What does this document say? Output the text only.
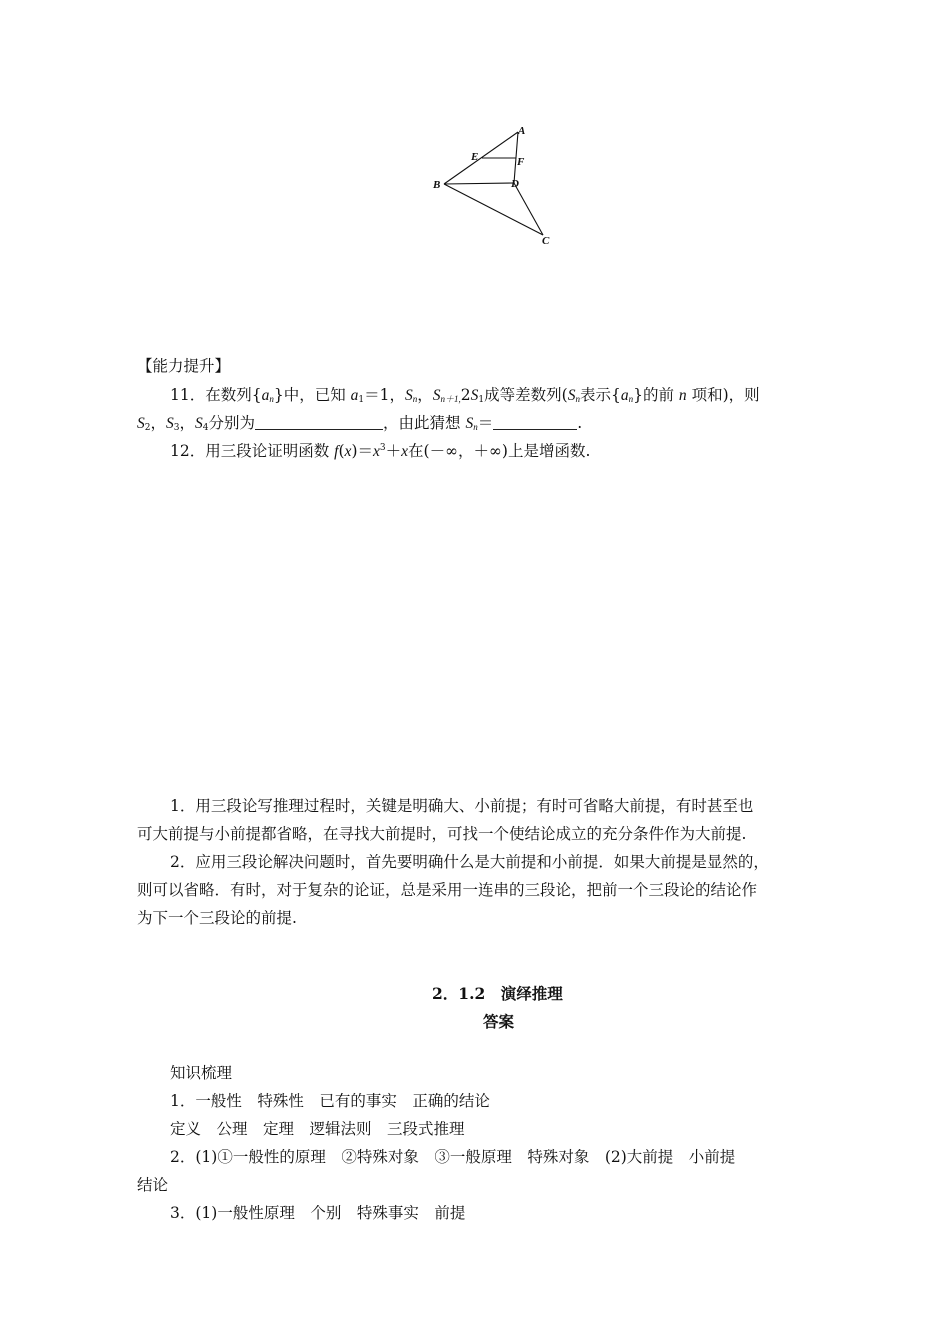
A
E	F
B	D
C
【能力提升】
11．在数列$\{a_n\}$中，已知 $a_1=1$，$S_n$，$S_{n+1,}2S_1$成等差数列($S_n$表示$\{a_n\}$的前 n 项和)，则
$S_2$，$S_3$，$S_4$分别为	，由此猜想 $S_n=$	.
12．用三段论证明函数 $f(x)=x^3+x$在(－∞，＋∞)上是增函数.
1．用三段论写推理过程时，关键是明确大、小前提；有时可省略大前提，有时甚至也
可大前提与小前提都省略，在寻找大前提时，可找一个使结论成立的充分条件作为大前提.
2．应用三段论解决问题时，首先要明确什么是大前提和小前提．如果大前提是显然的，
则可以省略．有时，对于复杂的论证，总是采用一连串的三段论，把前一个三段论的结论作
为下一个三段论的前提.
2．1.2　演绎推理
答案
知识梳理
1．一般性　特殊性　已有的事实　正确的结论
定义　公理　定理　逻辑法则　三段式推理
2．(1)①一般性的原理　②特殊对象　③一般原理　特殊对象　(2)大前提　小前提
结论
3．(1)一般性原理　个别　特殊事实　前提
